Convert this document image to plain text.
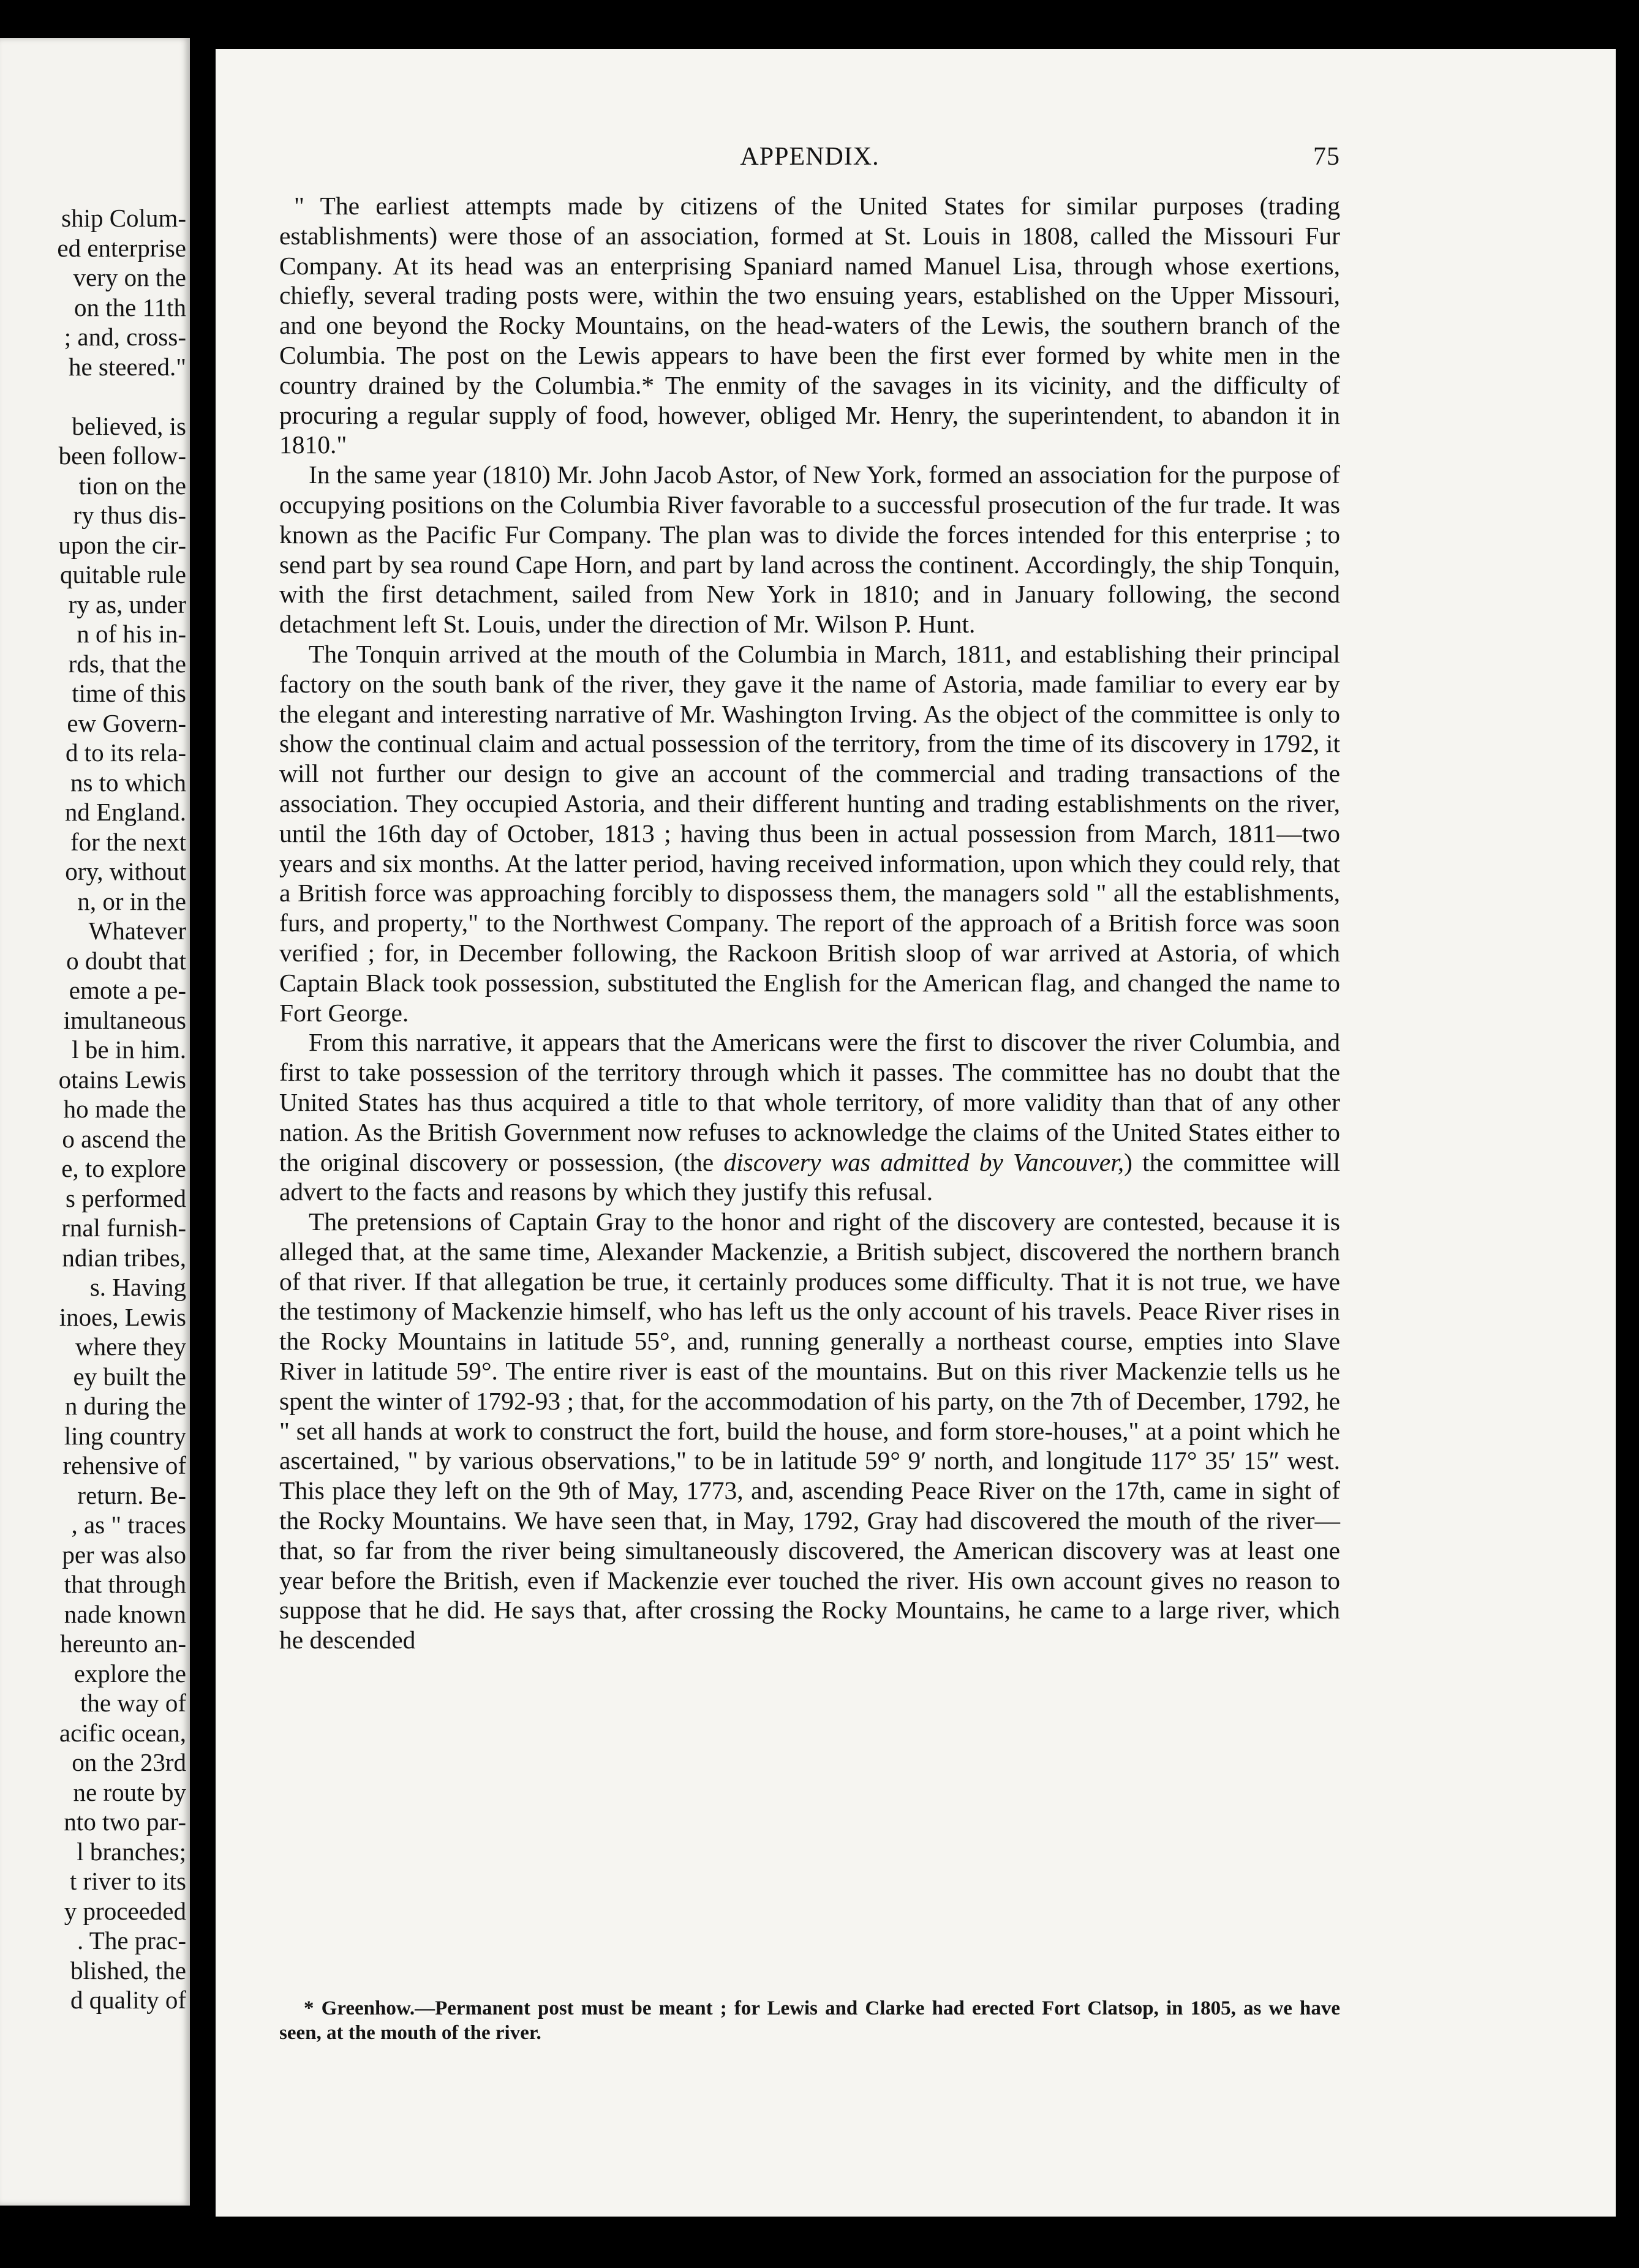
ship Colum-
ed enterprise
very on the
on the 11th
; and, cross-
he steered."
believed, is
been follow-
tion on the
ry thus dis-
upon the cir-
quitable rule
ry as, under
n of his in-
rds, that the
time of this
ew Govern-
d to its rela-
ns to which
nd England.
for the next
ory, without
n, or in the
Whatever
o doubt that
emote a pe-
imultaneous
l be in him.
otains Lewis
ho made the
o ascend the
e, to explore
s performed
rnal furnish-
ndian tribes,
s. Having
inoes, Lewis
where they
ey built the
n during the
ling country
rehensive of
return. Be-
, as " traces
per was also
that through
nade known
hereunto an-
explore the
the way of
acific ocean,
on the 23rd
ne route by
nto two par-
l branches;
t river to its
y proceeded
. The prac-
blished, the
d quality of
APPENDIX.	75

" The earliest attempts made by citizens of the United States for similar purposes (trading establishments) were those of an association, formed at St. Louis in 1808, called the Missouri Fur Company. At its head was an enterprising Spaniard named Manuel Lisa, through whose exertions, chiefly, several trading posts were, within the two ensuing years, established on the Upper Missouri, and one beyond the Rocky Mountains, on the head-waters of the Lewis, the southern branch of the Columbia. The post on the Lewis appears to have been the first ever formed by white men in the country drained by the Columbia.* The enmity of the savages in its vicinity, and the difficulty of procuring a regular supply of food, however, obliged Mr. Henry, the superintendent, to abandon it in 1810."

In the same year (1810) Mr. John Jacob Astor, of New York, formed an association for the purpose of occupying positions on the Columbia River favorable to a successful prosecution of the fur trade. It was known as the Pacific Fur Company. The plan was to divide the forces intended for this enterprise ; to send part by sea round Cape Horn, and part by land across the continent. Accordingly, the ship Tonquin, with the first detachment, sailed from New York in 1810; and in January following, the second detachment left St. Louis, under the direction of Mr. Wilson P. Hunt.

The Tonquin arrived at the mouth of the Columbia in March, 1811, and establishing their principal factory on the south bank of the river, they gave it the name of Astoria, made familiar to every ear by the elegant and interesting narrative of Mr. Washington Irving. As the object of the committee is only to show the continual claim and actual possession of the territory, from the time of its discovery in 1792, it will not further our design to give an account of the commercial and trading transactions of the association. They occupied Astoria, and their different hunting and trading establishments on the river, until the 16th day of October, 1813 ; having thus been in actual possession from March, 1811—two years and six months. At the latter period, having received information, upon which they could rely, that a British force was approaching forcibly to dispossess them, the managers sold " all the establishments, furs, and property," to the Northwest Company. The report of the approach of a British force was soon verified ; for, in December following, the Rackoon British sloop of war arrived at Astoria, of which Captain Black took possession, substituted the English for the American flag, and changed the name to Fort George.

From this narrative, it appears that the Americans were the first to discover the river Columbia, and first to take possession of the territory through which it passes. The committee has no doubt that the United States has thus acquired a title to that whole territory, of more validity than that of any other nation. As the British Government now refuses to acknowledge the claims of the United States either to the original discovery or possession, (the discovery was admitted by Vancouver,) the committee will advert to the facts and reasons by which they justify this refusal.

The pretensions of Captain Gray to the honor and right of the discovery are contested, because it is alleged that, at the same time, Alexander Mackenzie, a British subject, discovered the northern branch of that river. If that allegation be true, it certainly produces some difficulty. That it is not true, we have the testimony of Mackenzie himself, who has left us the only account of his travels. Peace River rises in the Rocky Mountains in latitude 55°, and, running generally a northeast course, empties into Slave River in latitude 59°. The entire river is east of the mountains. But on this river Mackenzie tells us he spent the winter of 1792-93 ; that, for the accommodation of his party, on the 7th of December, 1792, he " set all hands at work to construct the fort, build the house, and form store-houses," at a point which he ascertained, " by various observations," to be in latitude 59° 9′ north, and longitude 117° 35′ 15″ west. This place they left on the 9th of May, 1773, and, ascending Peace River on the 17th, came in sight of the Rocky Mountains. We have seen that, in May, 1792, Gray had discovered the mouth of the river—that, so far from the river being simultaneously discovered, the American discovery was at least one year before the British, even if Mackenzie ever touched the river. His own account gives no reason to suppose that he did. He says that, after crossing the Rocky Mountains, he came to a large river, which he descended

* Greenhow.—Permanent post must be meant ; for Lewis and Clarke had erected Fort Clatsop, in 1805, as we have seen, at the mouth of the river.
